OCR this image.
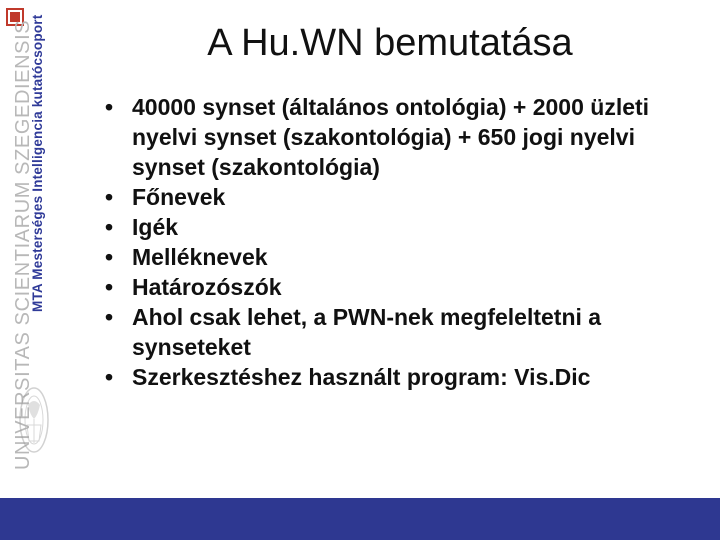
MTA Mesterséges Intelligencia kutatócsoport
UNIVERSITAS SCIENTIARUM SZEGEDIENSIS	A Hu.WN bemutatása
• 40000 synset (általános ontológia) + 2000 üzleti nyelvi synset (szakontológia) + 650 jogi nyelvi synset (szakontológia)
• Főnevek
• Igék
• Melléknevek
• Határozószók
• Ahol csak lehet, a PWN-nek megfeleltetni a synseteket
• Szerkesztéshez használt program: Vis.Dic
